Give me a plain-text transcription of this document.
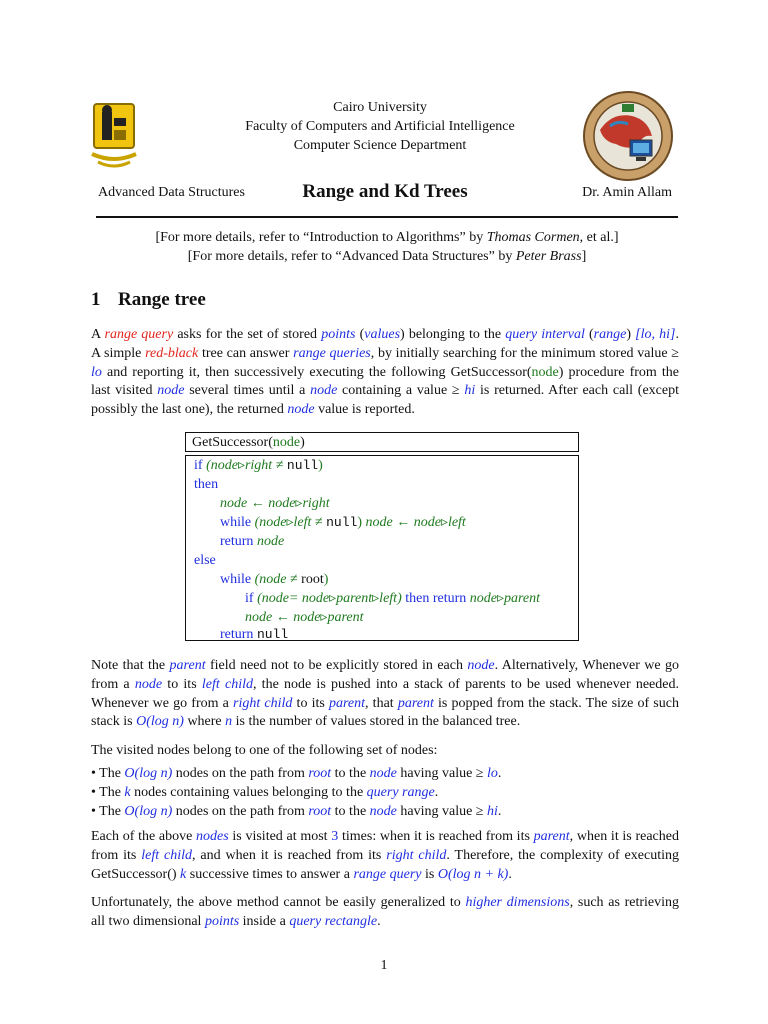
Cairo University
Faculty of Computers and Artificial Intelligence
Computer Science Department
Advanced Data Structures	Range and Kd Trees	Dr. Amin Allam
[For more details, refer to “Introduction to Algorithms” by Thomas Cormen, et al.]
[For more details, refer to “Advanced Data Structures” by Peter Brass]
1 Range tree
A range query asks for the set of stored points (values) belonging to the query interval (range) [lo, hi]. A simple red-black tree can answer range queries, by initially searching for the minimum stored value ≥ lo and reporting it, then successively executing the following GetSuccessor(node) procedure from the last visited node several times until a node containing a value ≥ hi is returned. After each call (except possibly the last one), the returned node value is reported.
GetSuccessor(node)
if (node▹right ≠ null)
then
node ← node▹right
while (node▹left ≠ null) node ← node▹left
return node
else
while (node ≠ root)
if (node= node▹parent▹left) then return node▹parent
node ← node▹parent
return null
Note that the parent field need not to be explicitly stored in each node. Alternatively, Whenever we go from a node to its left child, the node is pushed into a stack of parents to be used whenever needed. Whenever we go from a right child to its parent, that parent is popped from the stack. The size of such stack is O(log n) where n is the number of values stored in the balanced tree.
The visited nodes belong to one of the following set of nodes:
• The O(log n) nodes on the path from root to the node having value ≥ lo.
• The k nodes containing values belonging to the query range.
• The O(log n) nodes on the path from root to the node having value ≥ hi.
Each of the above nodes is visited at most 3 times: when it is reached from its parent, when it is reached from its left child, and when it is reached from its right child. Therefore, the complexity of executing GetSuccessor() k successive times to answer a range query is O(log n + k).
Unfortunately, the above method cannot be easily generalized to higher dimensions, such as retrieving all two dimensional points inside a query rectangle.
1
